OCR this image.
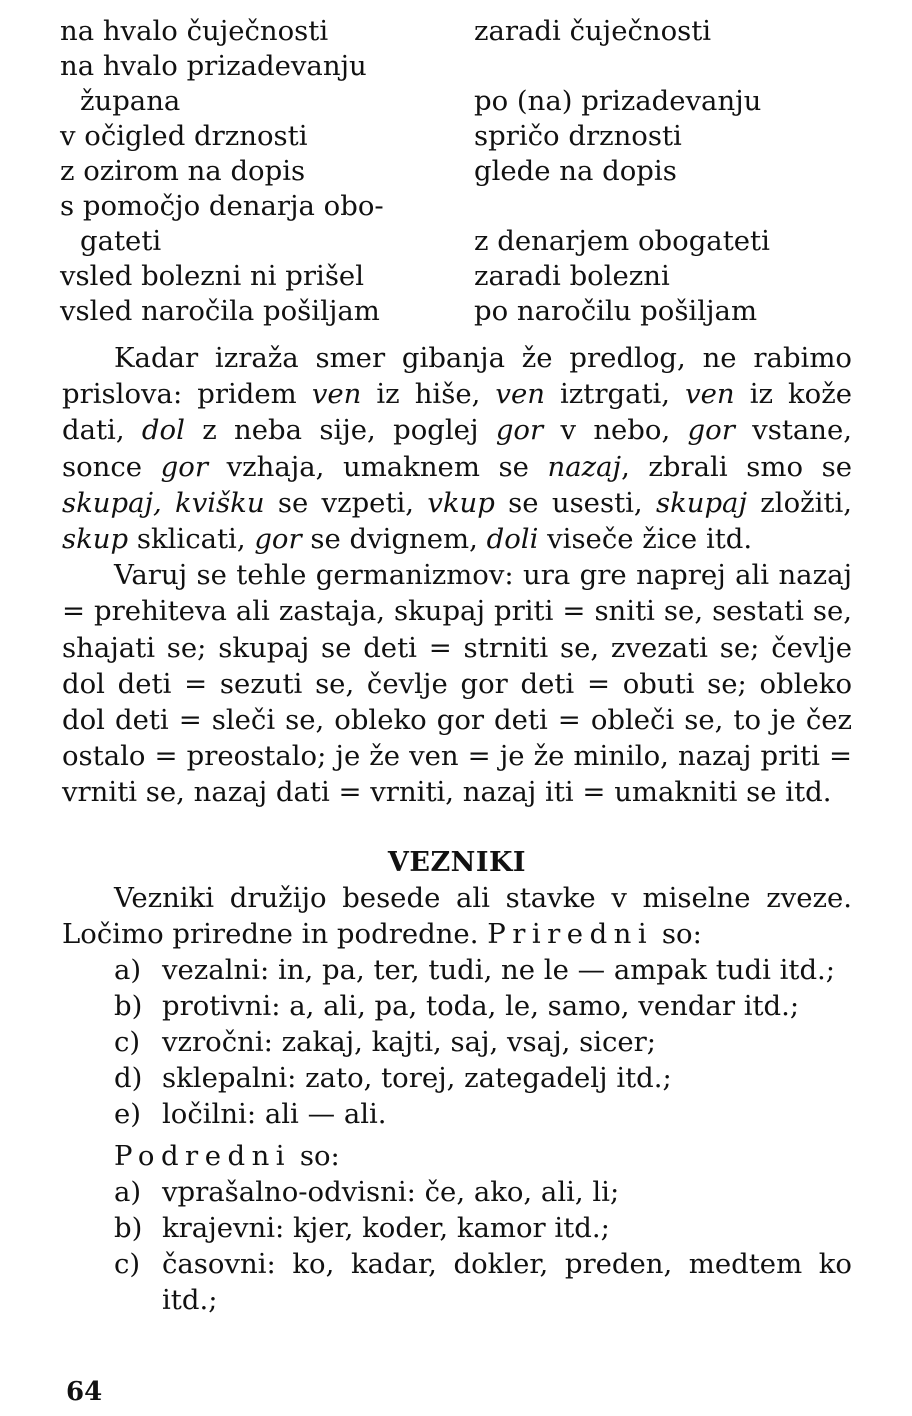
na hvalo čuječnosti	zaradi čuječnosti
na hvalo prizadevanju
župana	po (na) prizadevanju
v očigled drznosti	spričo drznosti
z ozirom na dopis	glede na dopis
s pomočjo denarja obo-
gateti	z denarjem obogateti
vsled bolezni ni prišel	zaradi bolezni
vsled naročila pošiljam	po naročilu pošiljam

Kadar izraža smer gibanja že predlog, ne rabimo prislova: pridem ven iz hiše, ven iztrgati, ven iz kože dati, dol z neba sije, poglej gor v nebo, gor vstane, sonce gor vzhaja, umaknem se nazaj, zbrali smo se skupaj, kvišku se vzpeti, vkup se usesti, skupaj zložiti, skup sklicati, gor se dvignem, doli viseče žice itd.

Varuj se tehle germanizmov: ura gre naprej ali nazaj = prehiteva ali zastaja, skupaj priti = sniti se, sestati se, shajati se; skupaj se deti = strniti se, zvezati se; čevlje dol deti = sezuti se, čevlje gor deti = obuti se; obleko dol deti = sleči se, obleko gor deti = obleči se, to je čez ostalo = preostalo; je že ven = je že minilo, nazaj priti = vrniti se, nazaj dati = vrniti, nazaj iti = umakniti se itd.

VEZNIKI

Vezniki družijo besede ali stavke v miselne zveze. Ločimo priredne in podredne. Priredni so:

a) vezalni: in, pa, ter, tudi, ne le — ampak tudi itd.;
b) protivni: a, ali, pa, toda, le, samo, vendar itd.;
c) vzročni: zakaj, kajti, saj, vsaj, sicer;
d) sklepalni: zato, torej, zategadelj itd.;
e) ločilni: ali — ali.
Podredni so:
a) vprašalno-odvisni: če, ako, ali, li;
b) krajevni: kjer, koder, kamor itd.;
c) časovni: ko, kadar, dokler, preden, medtem ko itd.;
64
